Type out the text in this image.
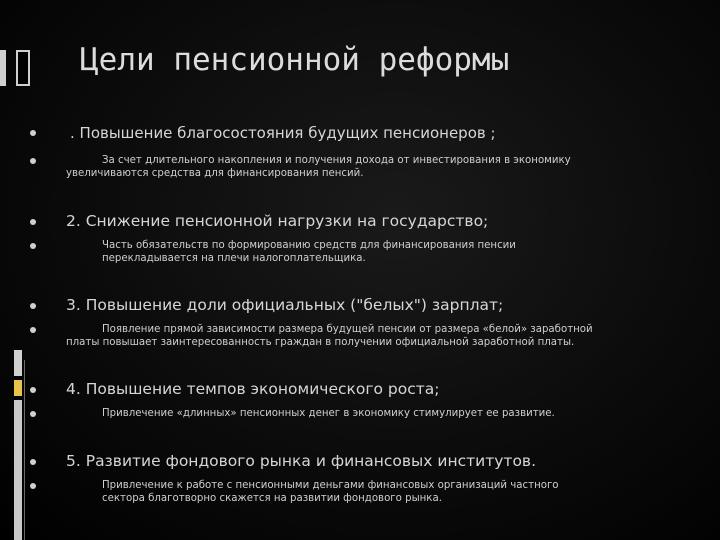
Цели пенсионной реформы
. Повышение благосостояния будущих пенсионеров ;
За счет длительного накопления и получения дохода от инвестирования в экономику
увеличиваются средства для финансирования пенсий.
2. Снижение пенсионной нагрузки на государство;
Часть обязательств по формированию средств для финансирования пенсии
перекладывается на плечи налогоплательщика.
3. Повышение доли официальных ("белых") зарплат;
Появление прямой зависимости размера будущей пенсии от размера «белой» заработной
платы повышает заинтересованность граждан в получении официальной заработной платы.
4. Повышение темпов экономического роста;
Привлечение «длинных» пенсионных денег в экономику стимулирует ее развитие.
5. Развитие фондового рынка и финансовых институтов.
Привлечение к работе с пенсионными деньгами финансовых организаций частного
сектора благотворно скажется на развитии фондового рынка.
